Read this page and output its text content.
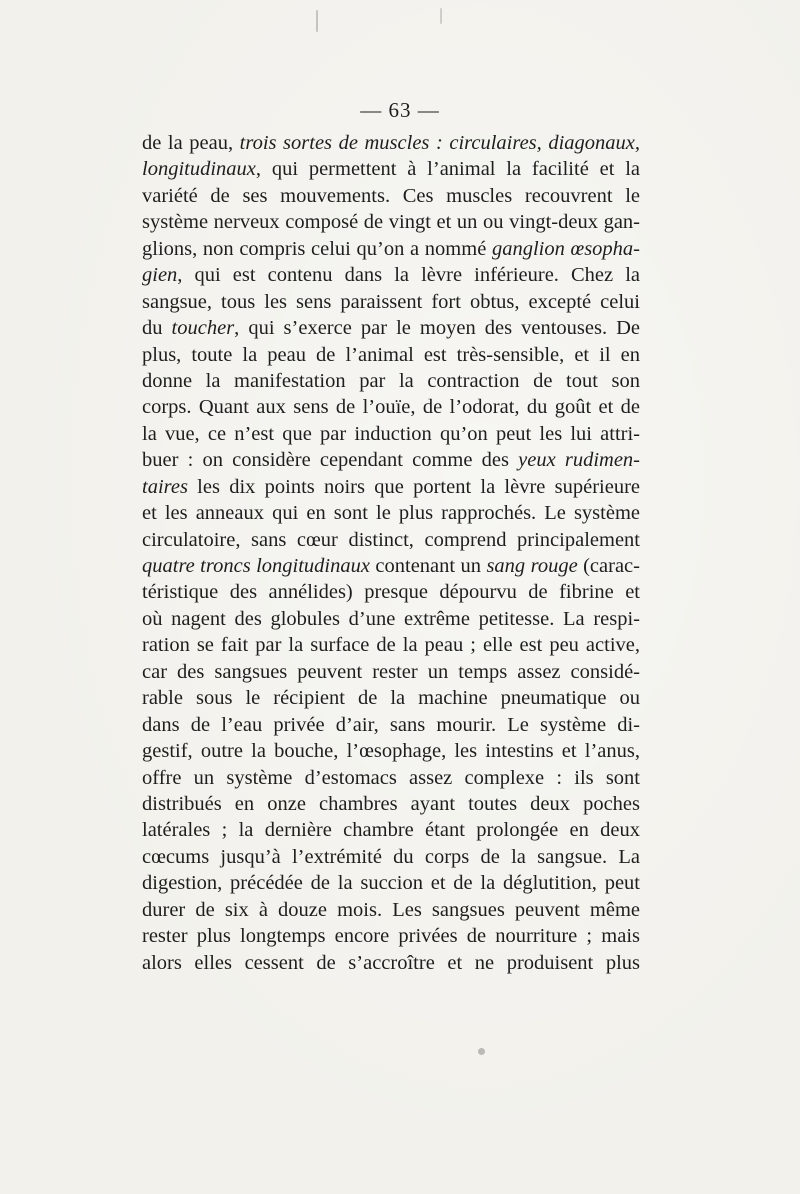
— 63 —
de la peau, trois sortes de muscles : circulaires, diagonaux,
longitudinaux, qui permettent à l’animal la facilité et la
variété de ses mouvements. Ces muscles recouvrent le
système nerveux composé de vingt et un ou vingt-deux gan-
glions, non compris celui qu’on a nommé ganglion œsopha-
gien, qui est contenu dans la lèvre inférieure. Chez la
sangsue, tous les sens paraissent fort obtus, excepté celui
du toucher, qui s’exerce par le moyen des ventouses. De
plus, toute la peau de l’animal est très-sensible, et il en
donne la manifestation par la contraction de tout son
corps. Quant aux sens de l’ouïe, de l’odorat, du goût et de
la vue, ce n’est que par induction qu’on peut les lui attri-
buer : on considère cependant comme des yeux rudimen-
taires les dix points noirs que portent la lèvre supérieure
et les anneaux qui en sont le plus rapprochés. Le système
circulatoire, sans cœur distinct, comprend principalement
quatre troncs longitudinaux contenant un sang rouge (carac-
téristique des annélides) presque dépourvu de fibrine et
où nagent des globules d’une extrême petitesse. La respi-
ration se fait par la surface de la peau ; elle est peu active,
car des sangsues peuvent rester un temps assez considé-
rable sous le récipient de la machine pneumatique ou
dans de l’eau privée d’air, sans mourir. Le système di-
gestif, outre la bouche, l’œsophage, les intestins et l’anus,
offre un système d’estomacs assez complexe : ils sont
distribués en onze chambres ayant toutes deux poches
latérales ; la dernière chambre étant prolongée en deux
cœcums jusqu’à l’extrémité du corps de la sangsue. La
digestion, précédée de la succion et de la déglutition, peut
durer de six à douze mois. Les sangsues peuvent même
rester plus longtemps encore privées de nourriture ; mais
alors elles cessent de s’accroître et ne produisent plus
